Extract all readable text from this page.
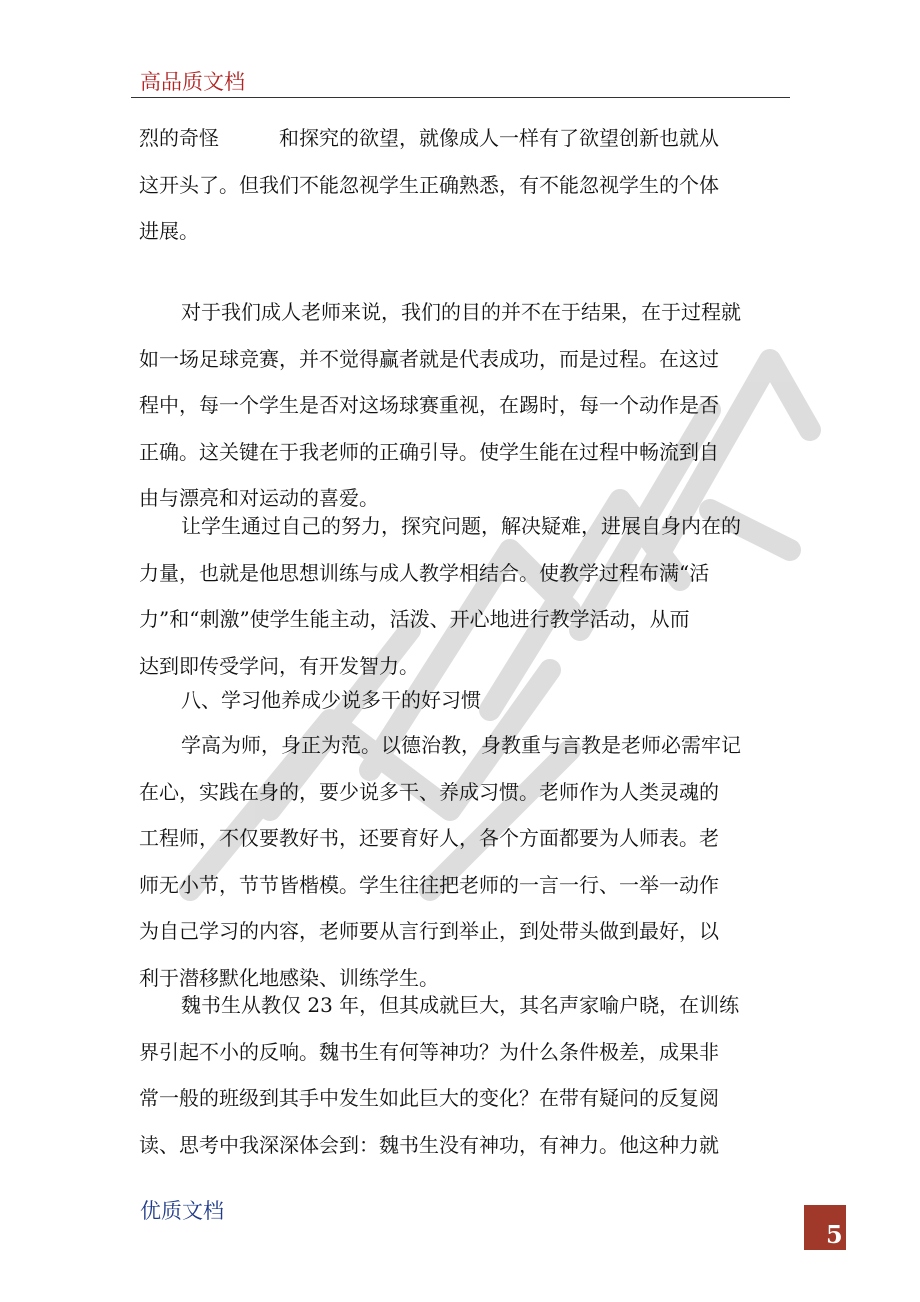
高品质文档
烈的奇怪	和探究的欲望，就像成人一样有了欲望创新也就从
这开头了。但我们不能忽视学生正确熟悉，有不能忽视学生的个体
进展。
对于我们成人老师来说，我们的目的并不在于结果，在于过程就
如一场足球竞赛，并不觉得赢者就是代表成功，而是过程。在这过
程中，每一个学生是否对这场球赛重视，在踢时，每一个动作是否
正确。这关键在于我老师的正确引导。使学生能在过程中畅流到自
由与漂亮和对运动的喜爱。
让学生通过自己的努力，探究问题，解决疑难，进展自身内在的
力量，也就是他思想训练与成人教学相结合。使教学过程布满“活
力”和“刺激”使学生能主动，活泼、开心地进行教学活动，从而
达到即传受学问，有开发智力。
八、学习他养成少说多干的好习惯
学高为师，身正为范。以德治教，身教重与言教是老师必需牢记
在心，实践在身的，要少说多干、养成习惯。老师作为人类灵魂的
工程师，不仅要教好书，还要育好人，各个方面都要为人师表。老
师无小节，节节皆楷模。学生往往把老师的一言一行、一举一动作
为自己学习的内容，老师要从言行到举止，到处带头做到最好，以
利于潜移默化地感染、训练学生。
魏书生从教仅 23 年，但其成就巨大，其名声家喻户晓，在训练
界引起不小的反响。魏书生有何等神功？为什么条件极差，成果非
常一般的班级到其手中发生如此巨大的变化？在带有疑问的反复阅
读、思考中我深深体会到：魏书生没有神功，有神力。他这种力就
优质文档
5
